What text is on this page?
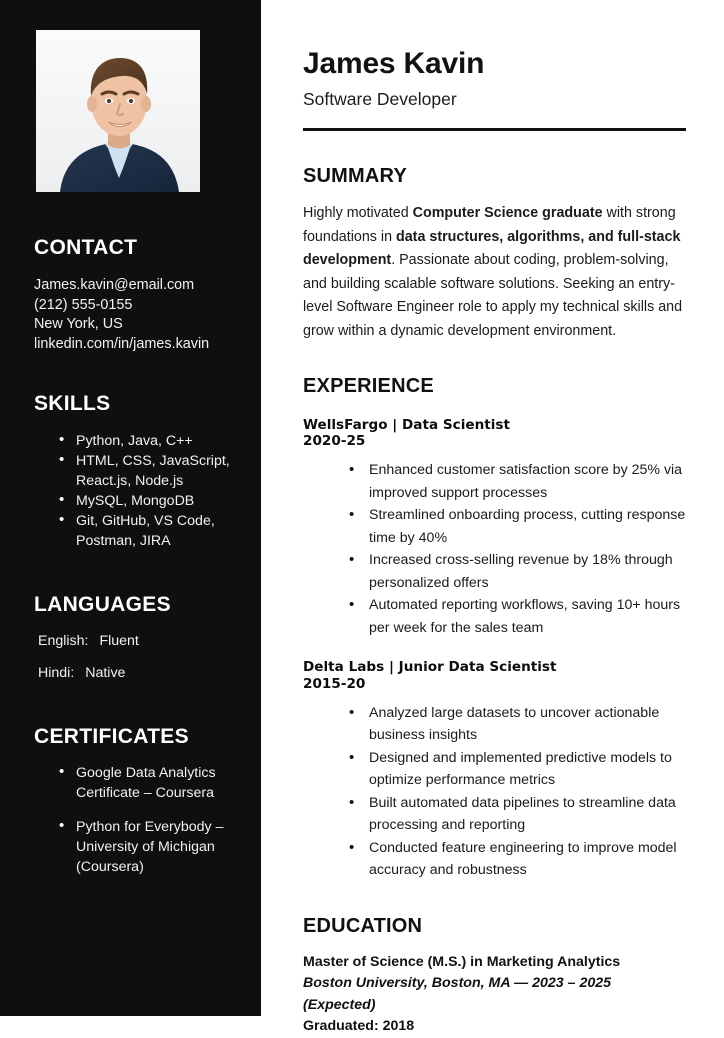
CONTACT
James.kavin@email.com
(212) 555-0155
New York, US
linkedin.com/in/james.kavin
SKILLS
• Python, Java, C++
• HTML, CSS, JavaScript, React.js, Node.js
• MySQL, MongoDB
• Git, GitHub, VS Code, Postman, JIRA
LANGUAGES
English: Fluent
Hindi: Native
CERTIFICATES
• Google Data Analytics Certificate – Coursera
• Python for Everybody – University of Michigan (Coursera)
James Kavin
Software Developer
SUMMARY

Highly motivated Computer Science graduate with strong foundations in data structures, algorithms, and full-stack development. Passionate about coding, problem-solving, and building scalable software solutions. Seeking an entry-level Software Engineer role to apply my technical skills and grow within a dynamic development environment.

EXPERIENCE
WellsFargo | Data Scientist
2020-25
• Enhanced customer satisfaction score by 25% via improved support processes
• Streamlined onboarding process, cutting response time by 40%
• Increased cross-selling revenue by 18% through personalized offers
• Automated reporting workflows, saving 10+ hours per week for the sales team
Delta Labs | Junior Data Scientist
2015-20
• Analyzed large datasets to uncover actionable business insights
• Designed and implemented predictive models to optimize performance metrics
• Built automated data pipelines to streamline data processing and reporting
• Conducted feature engineering to improve model accuracy and robustness
EDUCATION
Master of Science (M.S.) in Marketing Analytics
Boston University, Boston, MA — 2023 – 2025 (Expected)
Graduated: 2018
